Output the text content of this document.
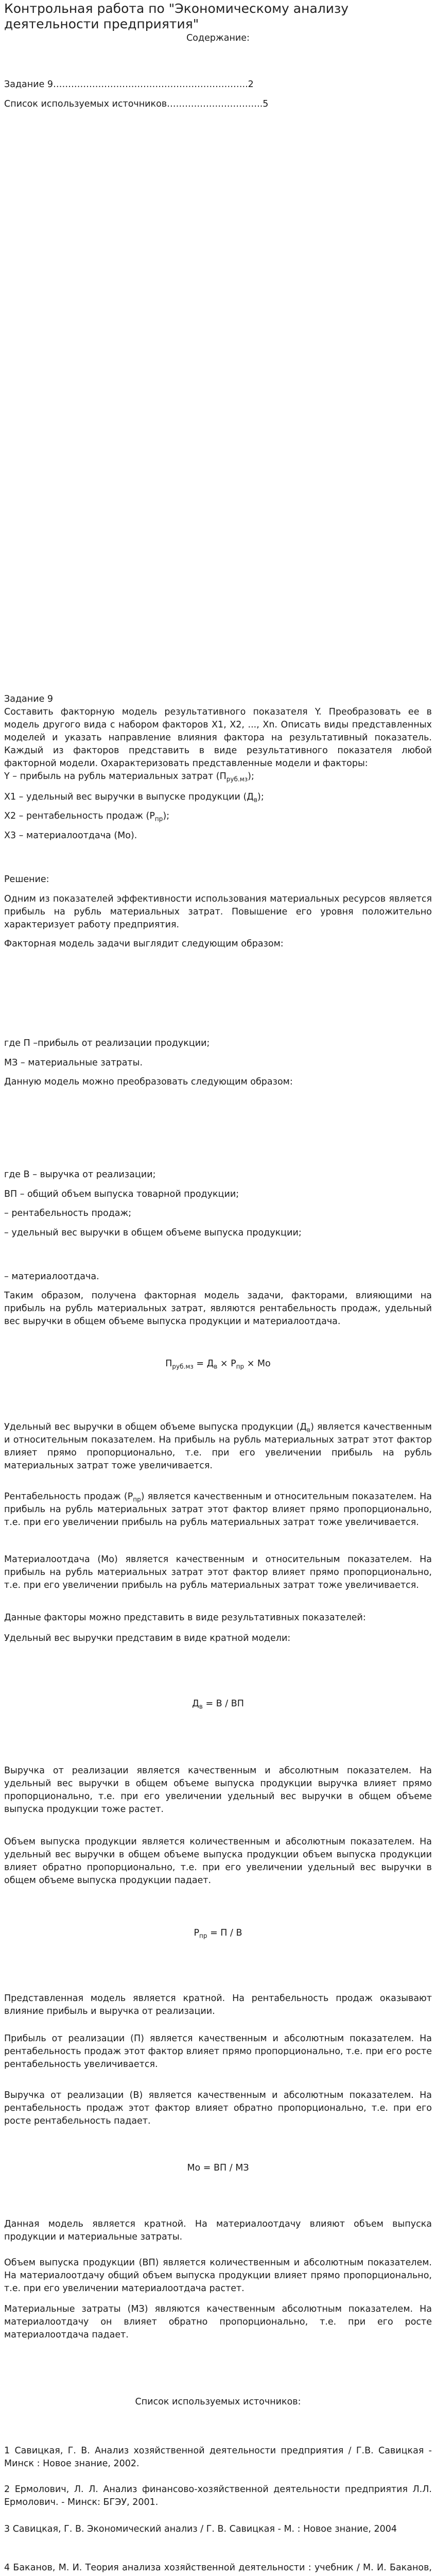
Контрольная работа по "Экономическому анализу деятельности предприятия"

Содержание:

Задание 9………………………………………………………..2

Список используемых источников…………………………..5

Задание 9

Составить факторную модель результативного показателя Y. Преобразовать ее в модель другого вида с набором факторов X1, X2, ..., Xn. Описать виды представленных моделей и указать направление влияния фактора на результативный показатель. Каждый из факторов представить в виде результативного показателя любой факторной модели. Охарактеризовать представленные модели и факторы:

Y – прибыль на рубль материальных затрат $(П_{руб.мз})$;

X1 – удельный вес выручки в выпуске продукции $(Д_в)$;

X2 – рентабельность продаж $(Р_{пр})$;

X3 – материалоотдача (Мо).

Решение:

Одним из показателей эффективности использования материальных ресурсов является прибыль на рубль материальных затрат. Повышение его уровня положительно характеризует работу предприятия.

Факторная модель задачи выглядит следующим образом:

где П –прибыль от реализации продукции;

МЗ – материальные затраты.

Данную модель можно преобразовать следующим образом:

где В – выручка от реализации;

ВП – общий объем выпуска товарной продукции;

– рентабельность продаж;

– удельный вес выручки в общем объеме выпуска продукции;

– материалоотдача.

Таким образом, получена факторная модель задачи, факторами, влияющими на прибыль на рубль материальных затрат, являются рентабельность продаж, удельный вес выручки в общем объеме выпуска продукции и материалоотдача.

$П_{руб.мз} = Д_в \times Р_{пр}$ × Мо

Удельный вес выручки в общем объеме выпуска продукции $(Д_в)$ является качественным и относительным показателем. На прибыль на рубль материальных затрат этот фактор влияет прямо пропорционально, т.е. при его увеличении прибыль на рубль материальных затрат тоже увеличивается.

Рентабельность продаж $(Р_{пр})$ является качественным и относительным показателем. На прибыль на рубль материальных затрат этот фактор влияет прямо пропорционально, т.е. при его увеличении прибыль на рубль материальных затрат тоже увеличивается.

Материалоотдача (Мо) является качественным и относительным показателем. На прибыль на рубль материальных затрат этот фактор влияет прямо пропорционально, т.е. при его увеличении прибыль на рубль материальных затрат тоже увеличивается.

Данные факторы можно представить в виде результативных показателей:

Удельный вес выручки представим в виде кратной модели:

$Д_в = В$ / ВП

Выручка от реализации является качественным и абсолютным показателем. На удельный вес выручки в общем объеме выпуска продукции выручка влияет прямо пропорционально, т.е. при его увеличении удельный вес выручки в общем объеме выпуска продукции тоже растет.

Объем выпуска продукции является количественным и абсолютным показателем. На удельный вес выручки в общем объеме выпуска продукции объем выпуска продукции влияет обратно пропорционально, т.е. при его увеличении удельный вес выручки в общем объеме выпуска продукции падает.

$Р_{пр} = П / В$

Представленная модель является кратной. На рентабельность продаж оказывают влияние прибыль и выручка от реализации.

Прибыль от реализации (П) является качественным и абсолютным показателем. На рентабельность продаж этот фактор влияет прямо пропорционально, т.е. при его росте рентабельность увеличивается.

Выручка от реализации (В) является качественным и абсолютным показателем. На рентабельность продаж этот фактор влияет обратно пропорционально, т.е. при его росте рентабельность падает.

Мо = ВП / МЗ

Данная модель является кратной. На материалоотдачу влияют объем выпуска продукции и материальные затраты.

Объем выпуска продукции (ВП) является количественным и абсолютным показателем. На материалоотдачу общий объем выпуска продукции влияет прямо пропорционально, т.е. при его увеличении материалоотдача растет.

Материальные затраты (МЗ) являются качественным абсолютным показателем. На материалоотдачу он влияет обратно пропорционально, т.е. при его росте материалоотдача падает.

Список используемых источников:

1 Савицкая, Г. В. Анализ хозяйственной деятельности предприятия / Г.В. Савицкая - Минск : Новое знание, 2002.

2 Ермолович, Л. Л. Анализ финансово-хозяйственной деятельности предприятия Л.Л. Ермолович. - Минск: БГЭУ, 2001.

3 Савицкая, Г. В. Экономический анализ / Г. В. Савицкая - М. : Новое знание, 2004

4 Баканов, М. И. Теория анализа хозяйственной деятельности : учебник / М. И. Баканов,
